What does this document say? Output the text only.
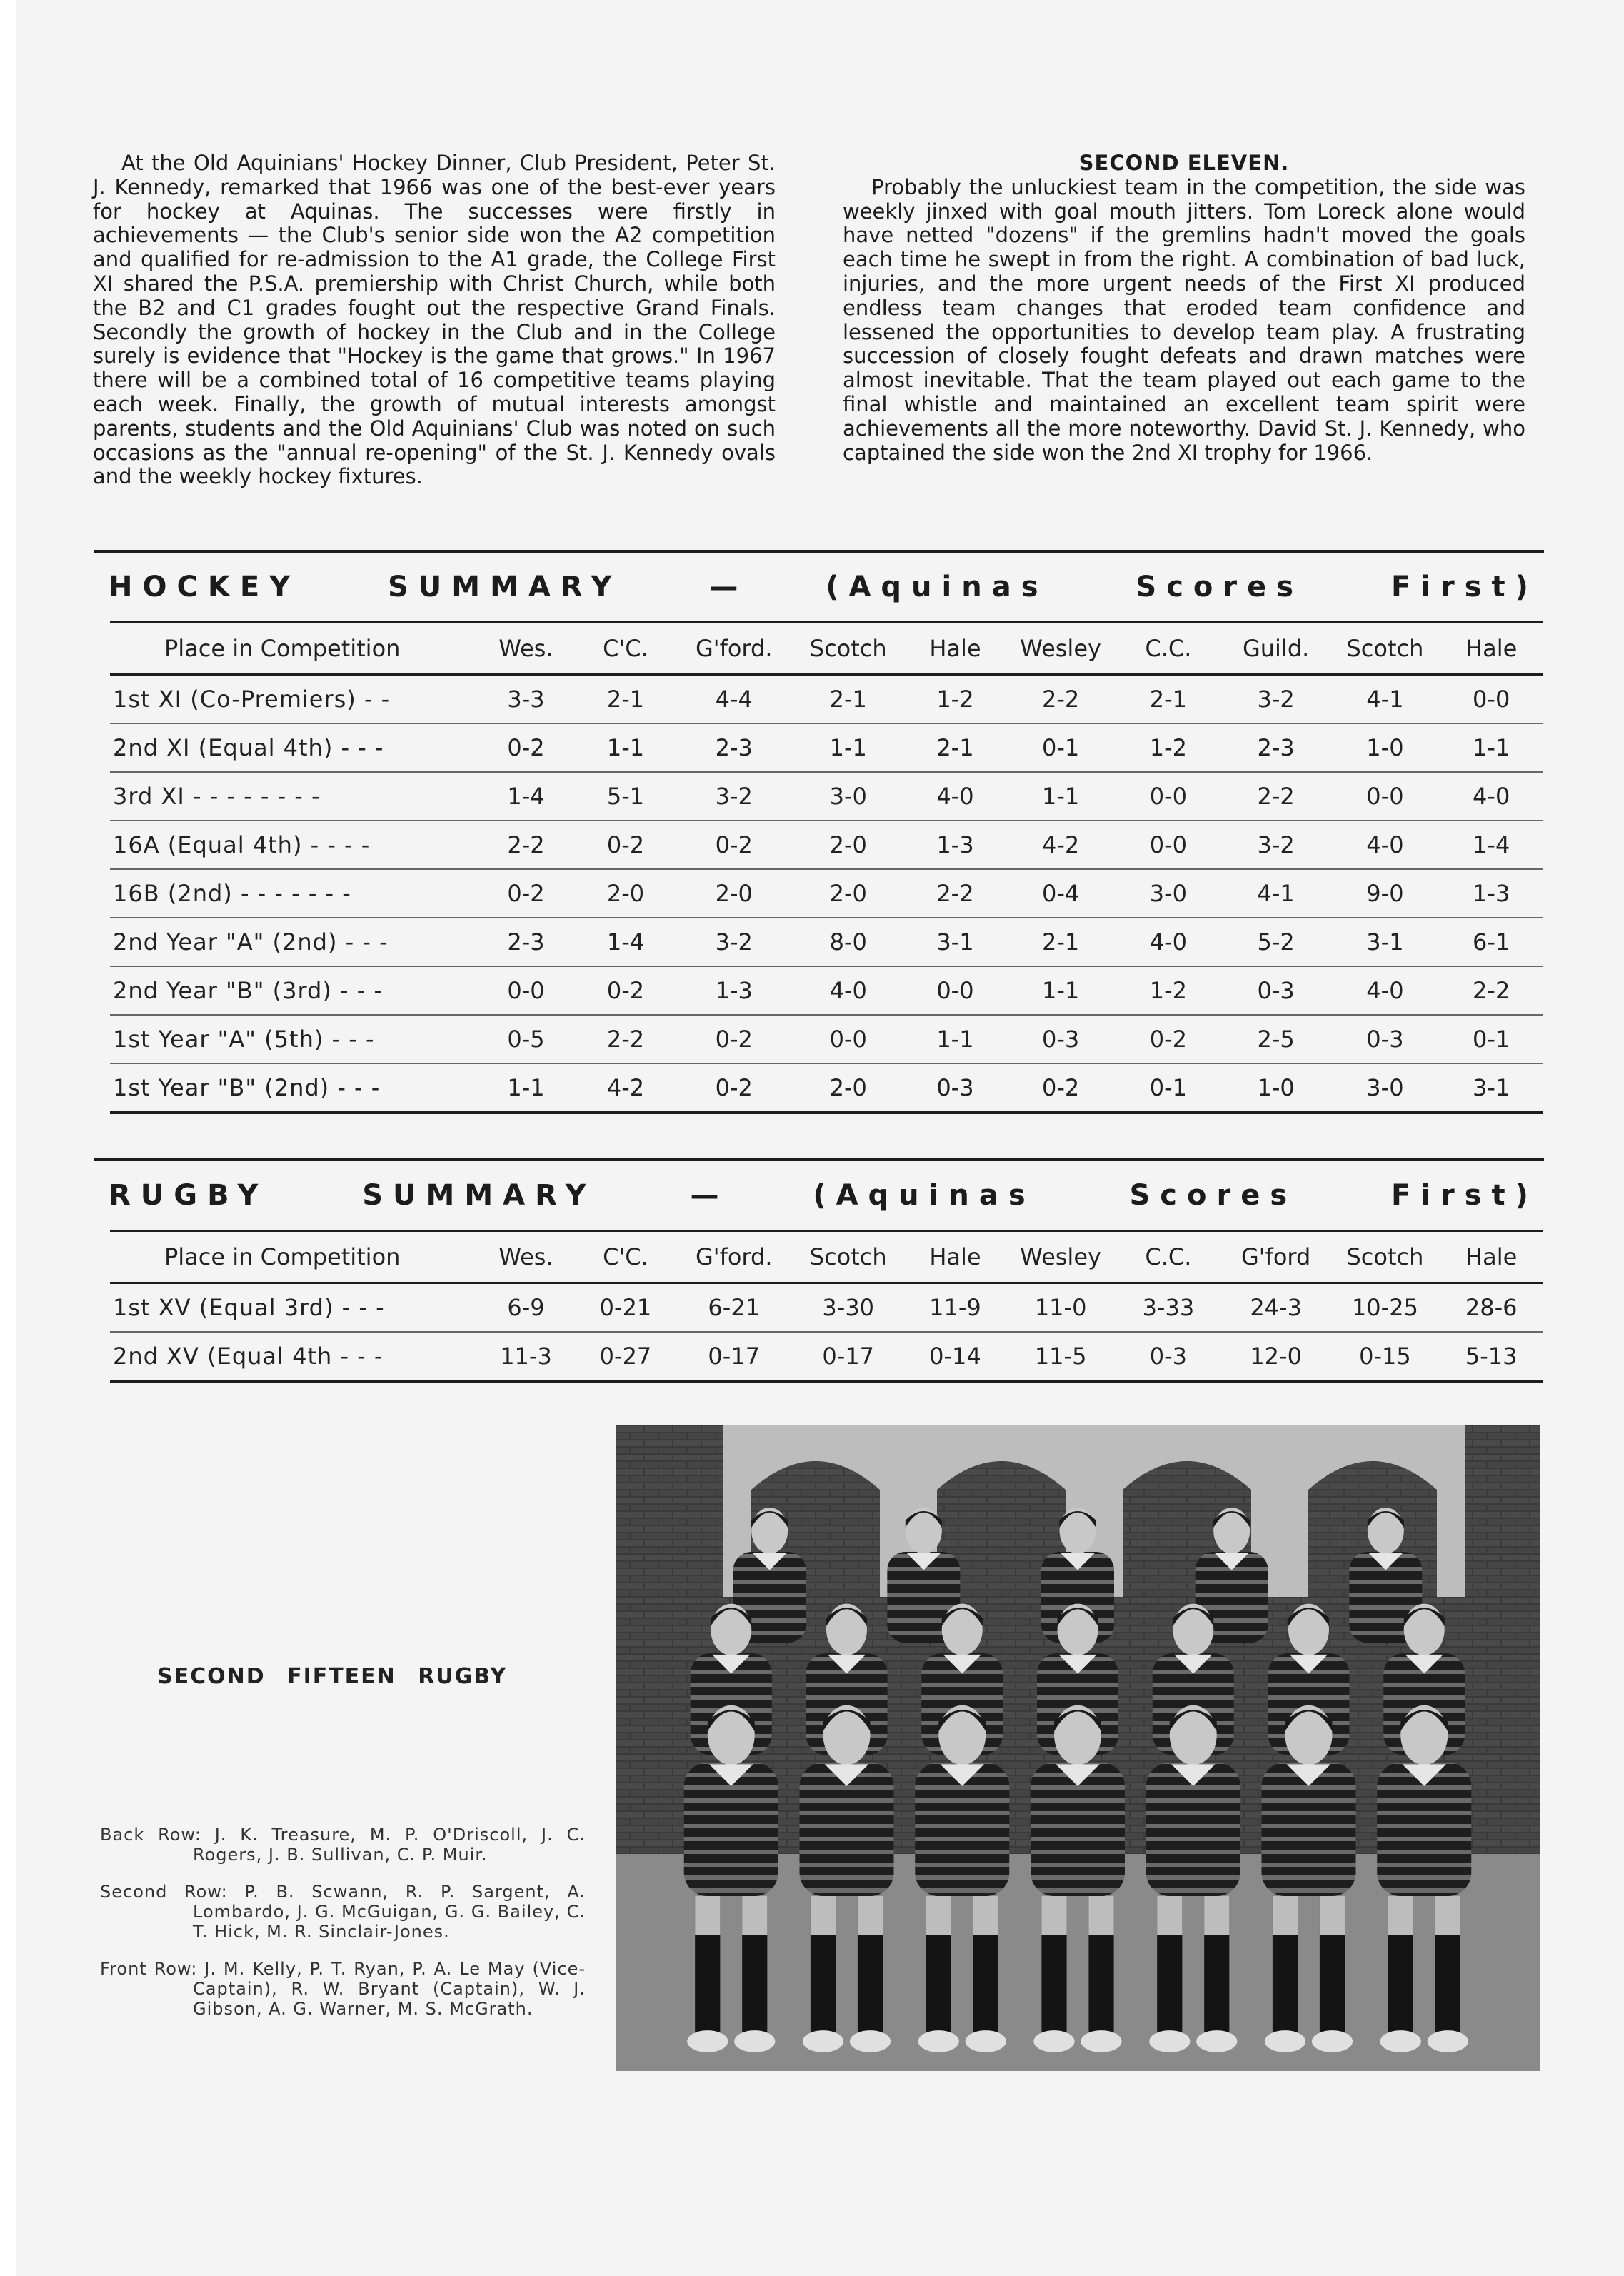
At the Old Aquinians' Hockey Dinner, Club President, Peter St. J. Kennedy, remarked that 1966 was one of the best-ever years for hockey at Aquinas. The successes were firstly in achievements — the Club's senior side won the A2 competition and qualified for re-admission to the A1 grade, the College First XI shared the P.S.A. premiership with Christ Church, while both the B2 and C1 grades fought out the respective Grand Finals. Secondly the growth of hockey in the Club and in the College surely is evidence that "Hockey is the game that grows." In 1967 there will be a combined total of 16 competitive teams playing each week. Finally, the growth of mutual interests amongst parents, students and the Old Aquinians' Club was noted on such occasions as the "annual re-opening" of the St. J. Kennedy ovals and the weekly hockey fixtures.

SECOND ELEVEN.

Probably the unluckiest team in the competition, the side was weekly jinxed with goal mouth jitters. Tom Loreck alone would have netted "dozens" if the gremlins hadn't moved the goals each time he swept in from the right. A combination of bad luck, injuries, and the more urgent needs of the First XI produced endless team changes that eroded team confidence and lessened the opportunities to develop team play. A frustrating succession of closely fought defeats and drawn matches were almost inevitable. That the team played out each game to the final whistle and maintained an excellent team spirit were achievements all the more noteworthy. David St. J. Kennedy, who captained the side won the 2nd XI trophy for 1966.

HOCKEY	SUMMARY	—	(Aquinas	Scores	First)
Place in Competition	Wes.	C'C.	G'ford.	Scotch	Hale	Wesley	C.C.	Guild.	Scotch	Hale
1st XI (Co-Premiers) - -	3-3	2-1	4-4	2-1	1-2	2-2	2-1	3-2	4-1	0-0
2nd XI (Equal 4th) - - -	0-2	1-1	2-3	1-1	2-1	0-1	1-2	2-3	1-0	1-1
3rd XI - - - - - - - -	1-4	5-1	3-2	3-0	4-0	1-1	0-0	2-2	0-0	4-0
16A (Equal 4th) - - - -	2-2	0-2	0-2	2-0	1-3	4-2	0-0	3-2	4-0	1-4
16B (2nd) - - - - - - -	0-2	2-0	2-0	2-0	2-2	0-4	3-0	4-1	9-0	1-3
2nd Year "A" (2nd) - - -	2-3	1-4	3-2	8-0	3-1	2-1	4-0	5-2	3-1	6-1
2nd Year "B" (3rd) - - -	0-0	0-2	1-3	4-0	0-0	1-1	1-2	0-3	4-0	2-2
1st Year "A" (5th) - - -	0-5	2-2	0-2	0-0	1-1	0-3	0-2	2-5	0-3	0-1
1st Year "B" (2nd) - - -	1-1	4-2	0-2	2-0	0-3	0-2	0-1	1-0	3-0	3-1
RUGBY	SUMMARY	—	(Aquinas	Scores	First)
Place in Competition	Wes.	C'C.	G'ford.	Scotch	Hale	Wesley	C.C.	G'ford	Scotch	Hale
1st XV (Equal 3rd) - - -	6-9	0-21	6-21	3-30	11-9	11-0	3-33	24-3	10-25	28-6
2nd XV (Equal 4th - - -	11-3	0-27	0-17	0-17	0-14	11-5	0-3	12-0	0-15	5-13
SECOND FIFTEEN RUGBY

Back Row: J. K. Treasure, M. P. O'Driscoll, J. C. Rogers, J. B. Sullivan, C. P. Muir.

Second Row: P. B. Scwann, R. P. Sargent, A. Lombardo, J. G. McGuigan, G. G. Bailey, C. T. Hick, M. R. Sinclair-Jones.

Front Row: J. M. Kelly, P. T. Ryan, P. A. Le May (Vice-Captain), R. W. Bryant (Captain), W. J. Gibson, A. G. Warner, M. S. McGrath.
